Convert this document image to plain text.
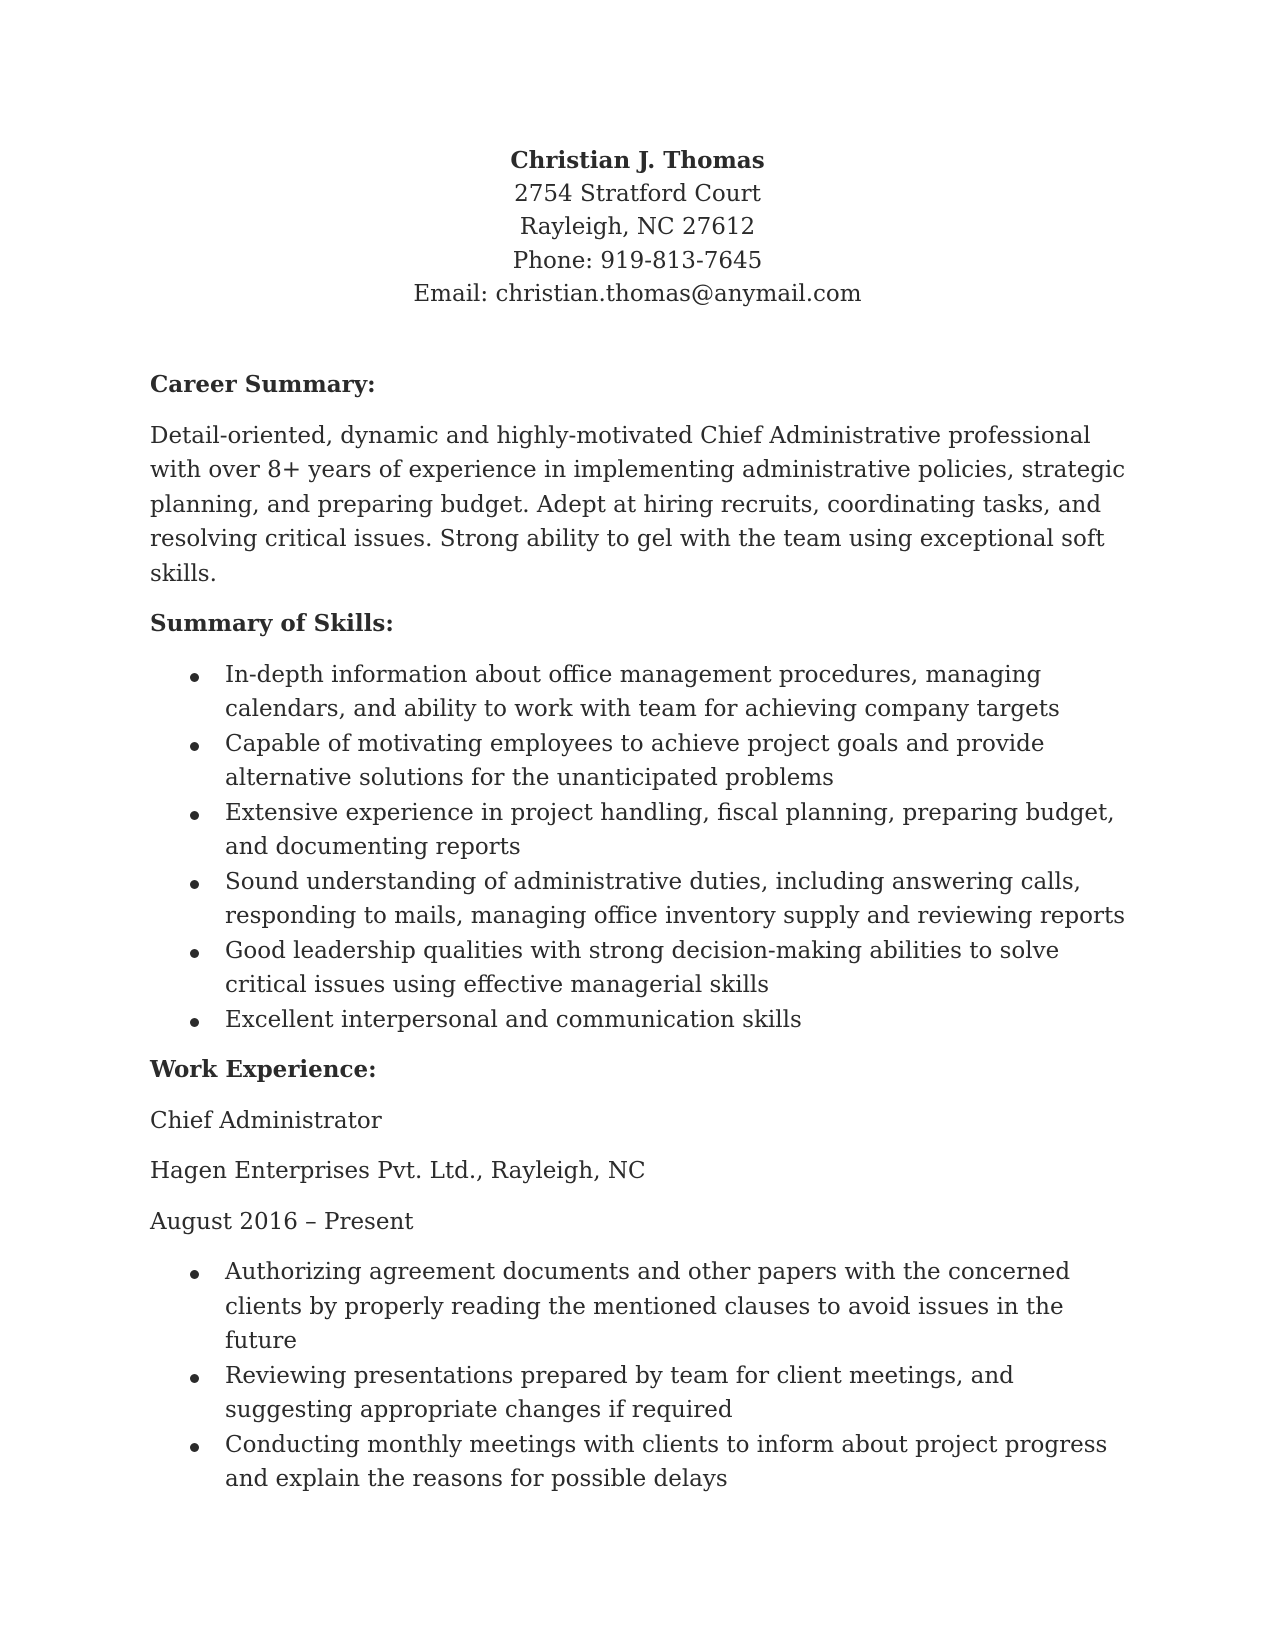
Christian J. Thomas
2754 Stratford Court
Rayleigh, NC 27612
Phone: 919-813-7645
Email: christian.thomas@anymail.com
Career Summary:
Detail-oriented, dynamic and highly-motivated Chief Administrative professional with over 8+ years of experience in implementing administrative policies, strategic planning, and preparing budget. Adept at hiring recruits, coordinating tasks, and resolving critical issues. Strong ability to gel with the team using exceptional soft skills.
Summary of Skills:
In-depth information about office management procedures, managing calendars, and ability to work with team for achieving company targets
Capable of motivating employees to achieve project goals and provide alternative solutions for the unanticipated problems
Extensive experience in project handling, fiscal planning, preparing budget, and documenting reports
Sound understanding of administrative duties, including answering calls, responding to mails, managing office inventory supply and reviewing reports
Good leadership qualities with strong decision-making abilities to solve critical issues using effective managerial skills
Excellent interpersonal and communication skills
Work Experience:
Chief Administrator
Hagen Enterprises Pvt. Ltd., Rayleigh, NC
August 2016 – Present
Authorizing agreement documents and other papers with the concerned clients by properly reading the mentioned clauses to avoid issues in the future
Reviewing presentations prepared by team for client meetings, and suggesting appropriate changes if required
Conducting monthly meetings with clients to inform about project progress and explain the reasons for possible delays
